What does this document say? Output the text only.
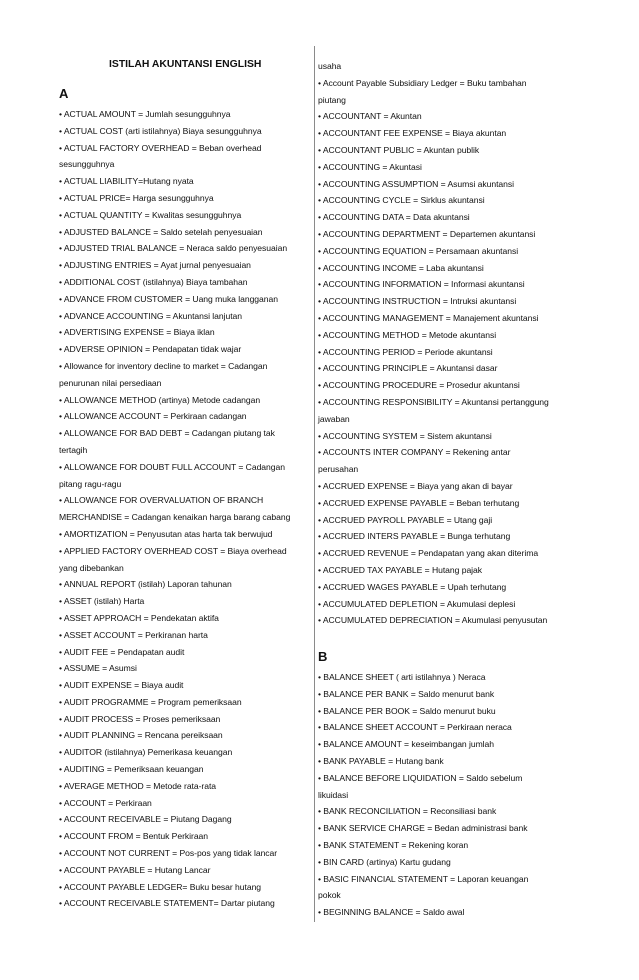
ISTILAH AKUNTANSI ENGLISH
A
• ACTUAL AMOUNT = Jumlah sesungguhnya
• ACTUAL COST (arti istilahnya) Biaya sesungguhnya
• ACTUAL FACTORY OVERHEAD = Beban overhead
sesungguhnya
• ACTUAL LIABILITY=Hutang nyata
• ACTUAL PRICE= Harga sesungguhnya
• ACTUAL QUANTITY = Kwalitas sesungguhnya
• ADJUSTED BALANCE = Saldo setelah penyesuaian
• ADJUSTED TRIAL BALANCE = Neraca saldo penyesuaian
• ADJUSTING ENTRIES = Ayat jurnal penyesuaian
• ADDITIONAL COST (istilahnya) Biaya tambahan
• ADVANCE FROM CUSTOMER = Uang muka langganan
• ADVANCE ACCOUNTING = Akuntansi lanjutan
• ADVERTISING EXPENSE = Biaya iklan
• ADVERSE OPINION = Pendapatan tidak wajar
• Allowance for inventory decline to market = Cadangan
penurunan nilai persediaan
• ALLOWANCE METHOD (artinya) Metode cadangan
• ALLOWANCE ACCOUNT = Perkiraan cadangan
• ALLOWANCE FOR BAD DEBT = Cadangan piutang tak
tertagih
• ALLOWANCE FOR DOUBT FULL ACCOUNT = Cadangan
pitang ragu-ragu
• ALLOWANCE FOR OVERVALUATION OF BRANCH
MERCHANDISE = Cadangan kenaikan harga barang cabang
• AMORTIZATION = Penyusutan atas harta tak berwujud
• APPLIED FACTORY OVERHEAD COST = Biaya overhead
yang dibebankan
• ANNUAL REPORT (istilah) Laporan tahunan
• ASSET (istilah) Harta
• ASSET APPROACH = Pendekatan aktifa
• ASSET ACCOUNT = Perkiranan harta
• AUDIT FEE = Pendapatan audit
• ASSUME = Asumsi
• AUDIT EXPENSE = Biaya audit
• AUDIT PROGRAMME = Program pemeriksaan
• AUDIT PROCESS = Proses pemeriksaan
• AUDIT PLANNING = Rencana pereiksaan
• AUDITOR (istilahnya) Pemerikasa keuangan
• AUDITING = Pemeriksaan keuangan
• AVERAGE METHOD = Metode rata-rata
• ACCOUNT = Perkiraan
• ACCOUNT RECEIVABLE = Piutang Dagang
• ACCOUNT FROM = Bentuk Perkiraan
• ACCOUNT NOT CURRENT = Pos-pos yang tidak lancar
• ACCOUNT PAYABLE = Hutang Lancar
• ACCOUNT PAYABLE LEDGER= Buku besar hutang
• ACCOUNT RECEIVABLE STATEMENT= Dartar piutang
usaha
• Account Payable Subsidiary Ledger = Buku tambahan
piutang
• ACCOUNTANT = Akuntan
• ACCOUNTANT FEE EXPENSE = Biaya akuntan
• ACCOUNTANT PUBLIC = Akuntan publik
• ACCOUNTING = Akuntasi
• ACCOUNTING ASSUMPTION = Asumsi akuntansi
• ACCOUNTING CYCLE = Sirklus akuntansi
• ACCOUNTING DATA = Data akuntansi
• ACCOUNTING DEPARTMENT = Departemen akuntansi
• ACCOUNTING EQUATION = Persamaan akuntansi
• ACCOUNTING INCOME = Laba akuntansi
• ACCOUNTING INFORMATION = Informasi akuntansi
• ACCOUNTING INSTRUCTION = Intruksi akuntansi
• ACCOUNTING MANAGEMENT = Manajement akuntansi
• ACCOUNTING METHOD = Metode akuntansi
• ACCOUNTING PERIOD = Periode akuntansi
• ACCOUNTING PRINCIPLE = Akuntansi dasar
• ACCOUNTING PROCEDURE = Prosedur akuntansi
• ACCOUNTING RESPONSIBILITY = Akuntansi pertanggung
jawaban
• ACCOUNTING SYSTEM = Sistem akuntansi
• ACCOUNTS INTER COMPANY = Rekening antar
perusahan
• ACCRUED EXPENSE = Biaya yang akan di bayar
• ACCRUED EXPENSE PAYABLE = Beban terhutang
• ACCRUED PAYROLL PAYABLE = Utang gaji
• ACCRUED INTERS PAYABLE = Bunga terhutang
• ACCRUED REVENUE = Pendapatan yang akan diterima
• ACCRUED TAX PAYABLE = Hutang pajak
• ACCRUED WAGES PAYABLE = Upah terhutang
• ACCUMULATED DEPLETION = Akumulasi deplesi
• ACCUMULATED DEPRECIATION = Akumulasi penyusutan
B
• BALANCE SHEET ( arti istilahnya ) Neraca
• BALANCE PER BANK = Saldo menurut bank
• BALANCE PER BOOK = Saldo menurut buku
• BALANCE SHEET ACCOUNT = Perkiraan neraca
• BALANCE AMOUNT = keseimbangan jumlah
• BANK PAYABLE = Hutang bank
• BALANCE BEFORE LIQUIDATION = Saldo sebelum
likuidasi
• BANK RECONCILIATION = Reconsiliasi bank
• BANK SERVICE CHARGE = Bedan administrasi bank
• BANK STATEMENT = Rekening koran
• BIN CARD (artinya) Kartu gudang
• BASIC FINANCIAL STATEMENT = Laporan keuangan
pokok
• BEGINNING BALANCE = Saldo awal
